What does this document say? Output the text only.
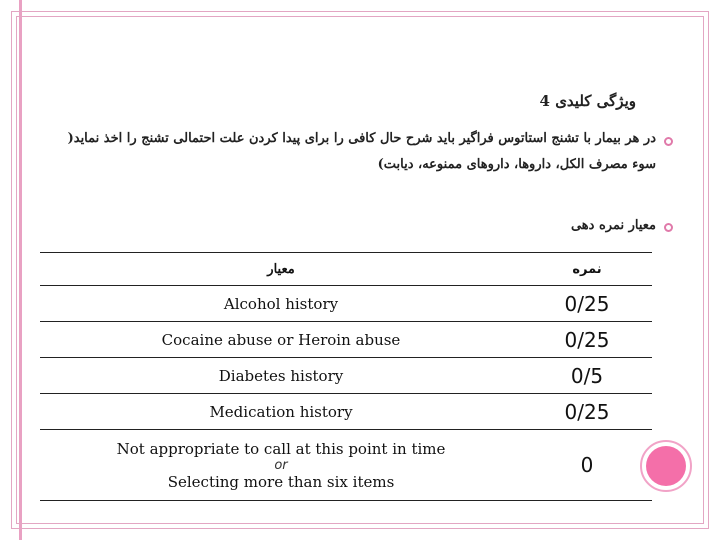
ویژگی کلیدی 4
در هر بیمار با تشنج استاتوس فراگیر باید شرح حال کافی را برای پیدا کردن علت احتمالی تشنج را اخذ نماید( سوء مصرف الکل، داروها، داروهای ممنوعه، دیابت)
معیار نمره دهی
معیار	نمره
Alcohol history	0/25
Cocaine abuse or Heroin abuse	0/25
Diabetes history	0/5
Medication history	0/25

Not appropriate to call at this point in time
or
Selecting more than six items	0
